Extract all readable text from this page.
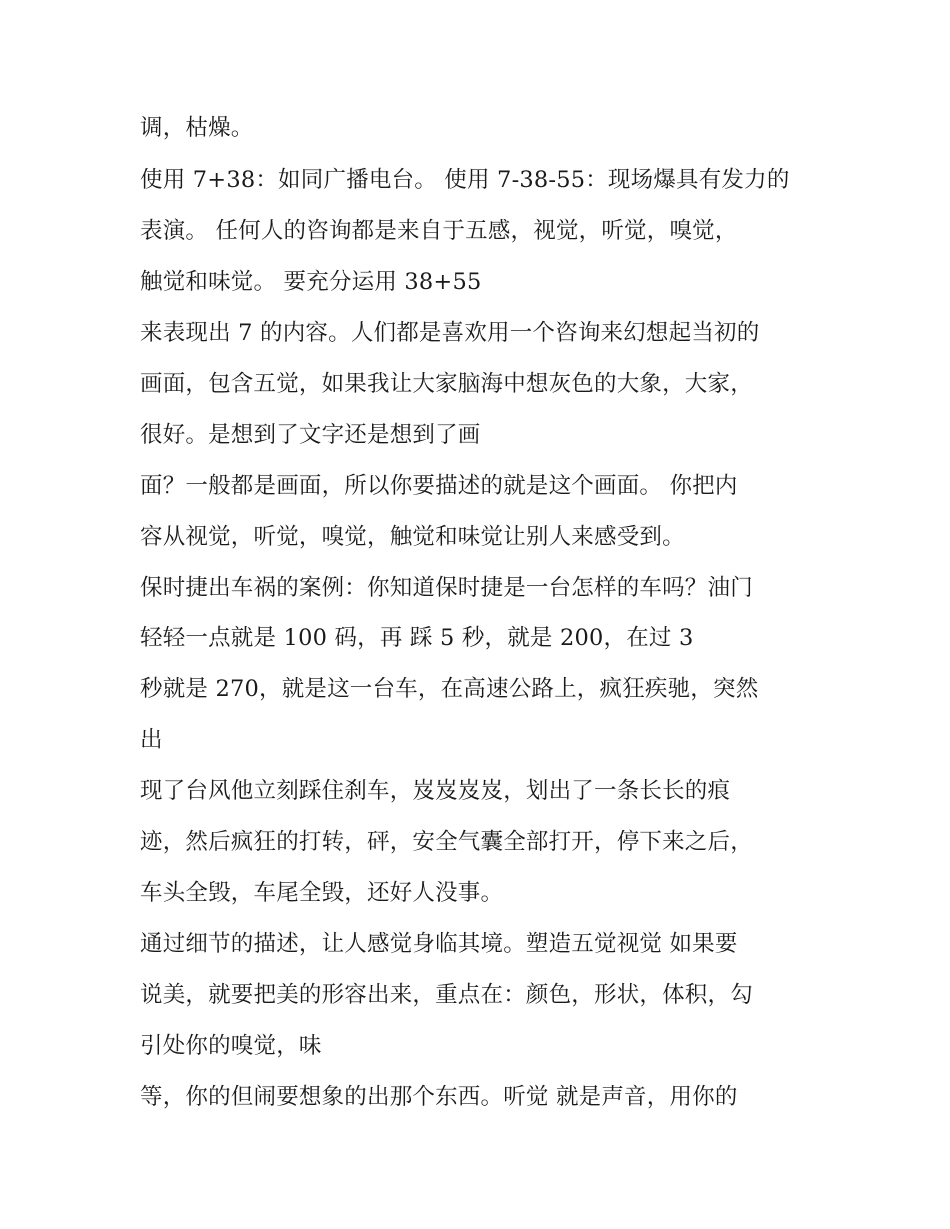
调，枯燥。
使用 7+38：如同广播电台。 使用 7-38-55：现场爆具有发力的
表演。 任何人的咨询都是来自于五感，视觉，听觉，嗅觉，
触觉和味觉。 要充分运用 38+55
来表现出 7 的内容。人们都是喜欢用一个咨询来幻想起当初的
画面，包含五觉，如果我让大家脑海中想灰色的大象，大家，
很好。是想到了文字还是想到了画
面？一般都是画面，所以你要描述的就是这个画面。 你把内
容从视觉，听觉，嗅觉，触觉和味觉让别人来感受到。
保时捷出车祸的案例：你知道保时捷是一台怎样的车吗？油门
轻轻一点就是 100 码，再 踩 5 秒，就是 200，在过 3
秒就是 270，就是这一台车，在高速公路上，疯狂疾驰，突然
出
现了台风他立刻踩住刹车，岌岌岌岌，划出了一条长长的痕
迹，然后疯狂的打转，砰，安全气囊全部打开，停下来之后，
车头全毁，车尾全毁，还好人没事。
通过细节的描述，让人感觉身临其境。塑造五觉视觉 如果要
说美，就要把美的形容出来，重点在：颜色，形状，体积，勾
引处你的嗅觉，味
等，你的但闹要想象的出那个东西。听觉 就是声音，用你的
